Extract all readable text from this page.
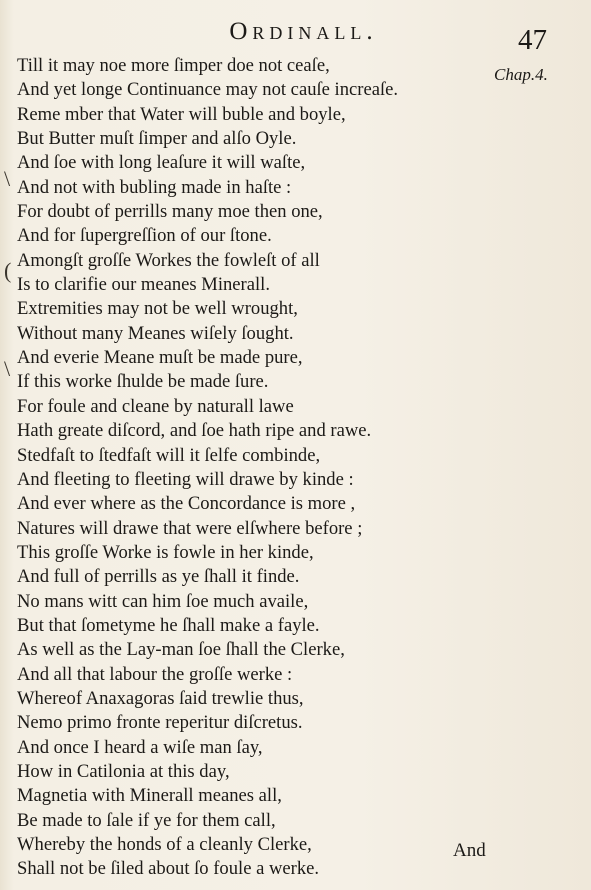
Ordinall.	47
Chap.4.
Till it may noe more ſimper doe not ceaſe,
And yet longe Continuance may not cauſe increaſe.
Reme mber that Water will buble and boyle,
But Butter muſt ſimper and alſo Oyle.
And ſoe with long leaſure it will waſte,
And not with bubling made in haſte :
For doubt of perrills many moe then one,
And for ſupergreſſion of our ſtone.
Amongſt groſſe Workes the fowleſt of all
Is to clarifie our meanes Minerall.
Extremities may not be well wrought,
Without many Meanes wiſely ſought.
And everie Meane muſt be made pure,
If this worke ſhulde be made ſure.
For foule and cleane by naturall lawe
Hath greate diſcord, and ſoe hath ripe and rawe.
Stedfaſt to ſtedfaſt will it ſelfe combinde,
And fleeting to fleeting will drawe by kinde :
And ever where as the Concordance is more ,
Natures will drawe that were elſwhere before ;
This groſſe Worke is fowle in her kinde,
And full of perrills as ye ſhall it finde.
No mans witt can him ſoe much availe,
But that ſometyme he ſhall make a fayle.
As well as the Lay-man ſoe ſhall the Clerke,
And all that labour the groſſe werke :
Whereof Anaxagoras ſaid trewlie thus,
Nemo primo fronte reperitur diſcretus.
And once I heard a wiſe man ſay,
How in Catilonia at this day,
Magnetia with Minerall meanes all,
Be made to ſale if ye for them call,
Whereby the honds of a cleanly Clerke,
Shall not be ſiled about ſo foule a werke.
\
(
\
And
